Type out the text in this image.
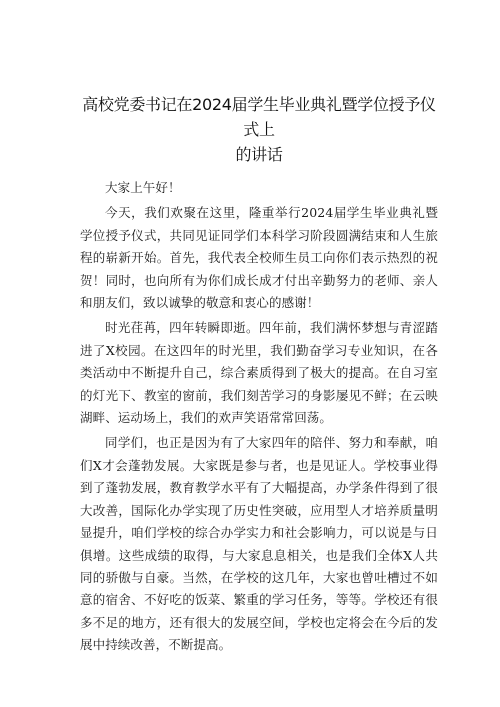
高校党委书记在2024届学生毕业典礼暨学位授予仪式上
的讲话

大家上午好！

今天，我们欢聚在这里，隆重举行2024届学生毕业典礼暨学位授予仪式，共同见证同学们本科学习阶段圆满结束和人生旅程的崭新开始。首先，我代表全校师生员工向你们表示热烈的祝贺！同时，也向所有为你们成长成才付出辛勤努力的老师、亲人和朋友们，致以诚挚的敬意和衷心的感谢！

时光荏苒，四年转瞬即逝。四年前，我们满怀梦想与青涩踏进了X校园。在这四年的时光里，我们勤奋学习专业知识，在各类活动中不断提升自己，综合素质得到了极大的提高。在自习室的灯光下、教室的窗前，我们刻苦学习的身影屡见不鲜；在云映湖畔、运动场上，我们的欢声笑语常常回荡。

同学们，也正是因为有了大家四年的陪伴、努力和奉献，咱们X才会蓬勃发展。大家既是参与者，也是见证人。学校事业得到了蓬勃发展，教育教学水平有了大幅提高，办学条件得到了很大改善，国际化办学实现了历史性突破，应用型人才培养质量明显提升，咱们学校的综合办学实力和社会影响力，可以说是与日俱增。这些成绩的取得，与大家息息相关，也是我们全体X人共同的骄傲与自豪。当然，在学校的这几年，大家也曾吐槽过不如意的宿舍、不好吃的饭菜、繁重的学习任务，等等。学校还有很多不足的地方，还有很大的发展空间，学校也定将会在今后的发展中持续改善，不断提高。
